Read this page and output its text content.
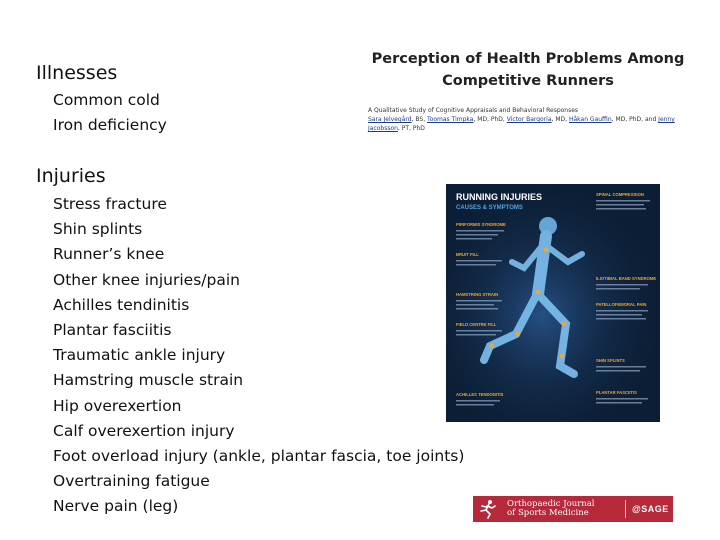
Illnesses
Common cold
Iron deficiency
Injuries
Stress fracture
Shin splints
Runner’s knee
Other knee injuries/pain
Achilles tendinitis
Plantar fasciitis
Traumatic ankle injury
Hamstring muscle strain
Hip overexertion
Calf overexertion injury
Foot overload injury (ankle, plantar fascia, toe joints)
Overtraining fatigue
Nerve pain (leg)
Perception of Health Problems Among Competitive Runners
A Qualitative Study of Cognitive Appraisals and Behavioral Responses
Sara Jelvegård, BS, Toomas Timpka, MD, PhD, Victor Bargoria, MD, Håkan Gauffin, MD, PhD, and Jenny Jacobsson, PT, PhD
RUNNING INJURIES
CAUSES & SYMPTOMS
PIRIFORMIS SYNDROME
BRUIT FILL
HAMSTRING STRAIN
FIELD CENTRE FILL
ACHILLES TENDONITIS
SPINAL COMPRESSION
ILIOTIBIAL BAND SYNDROME
PATELLOFEMORAL PAIN
SHIN SPLINTS
PLANTAR FASCIITIS
Orthopaedic Journal
of Sports Medicine	@SAGE
